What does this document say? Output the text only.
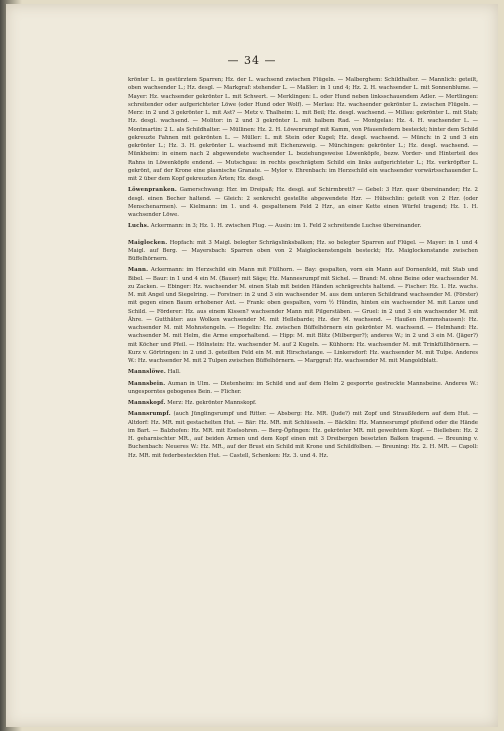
— 34 —

krönter L. in gestürztem Sparren; Hz. der L. wachsend zwischen Flügeln. — Malberghem: Schildhalter. — Mannlich: geteilt, oben wachsender L.; Hz. desgl. — Markgraf: stehender L. — Maßler: in 1 und 4; Hz. 2. H. wachsender L. mit Sonnenblume. — Mayer: Hz. wachsender gekrönter L. mit Schwert. — Merklingen: L. oder Hund neben linksschauendem Adler. — Mertlingen: schreitender oder aufgerichteter Löwe (oder Hund oder Wolf). — Merlau: Hz. wachsender gekrönter L. zwischen Flügeln. — Merz: in 2 und 3 gekrönter L. mit Ast? — Metz v. Thalheim: L. mit Beil; Hz. desgl. wachsend. — Millau: gekrönter L. mit Stab; Hz. desgl. wachsend. — Molitor: in 2 und 3 gekrönter L. mit halbem Rad. — Montgelas: Hz. 4. H. wachsender L. — Montmartin: 2 L. als Schildhalter. — Müllinen: Hz. 2. H. Löwenrumpf mit Kamm, von Pfauenfedern besteckt; hinter dem Schild gekreuzte Fahnen mit gekrönten L. — Müller: L. mit Stein oder Kugel; Hz. desgl. wachsend. — Münch: in 2 und 3 ein gekrönter L.; Hz. 3. H. gekrönter L. wachsend mit Eichenzweig. — Münchingen: gekrönter L.; Hz. desgl. wachsend. — Münkheim: in einem nach 2 abgewendete wachsender L. beziehungsweise Löwenköpfe, bezw. Vorder- und Hinterteil des Rahns in Löwenköpfe endend. — Mutschgau: in rechts geschrägtem Schild ein links aufgerichteter L.; Hz. verkröpfter L. gekrönt, auf der Krone eine plasnische Granate. — Mylor v. Ehrenbach: im Herzschild ein wachsender vorwärtsschauender L. mit 2 über dem Kopf gekreuzten Ärten; Hz. desgl.

Löwenpranken. Gamerschwang: Hzr. im Dreipaß; Hz. desgl. auf Schirmbrett? — Gebel: 3 Hzr. quer übereinander; Hz. 2 desgl. einen Becher haltend. — Gleich: 2 senkrecht gestellte abgewendete Hzr. — Hübschlin: geteilt von 2 Hzr. (oder Menschenarmen). — Kielmann: im 1. und 4. gespaltenem Feld 2 Hzr., an einer Kette einen Würfel tragend; Hz. 1. H. wachsender Löwe.

Luchs. Ackermann: in 3; Hz. 1. H. zwischen Flug. — Ausin: im 1. Feld 2 schreitende Luchse übereinander.

Maiglocken. Hopfach: mit 3 Maigl. belegter Schrägslinksbalken; Hz. so belegter Sparren auf Flügel. — Mayer: in 1 und 4 Maigl. auf Berg. — Mayersbach: Sparren oben von 2 Maiglockenstengeln besteckt; Hz. Maiglockenstande zwischen Büffelhörnern.

Mann. Ackermann: im Herzschild ein Mann mit Füllhorn. — Bay: gespalten, vorn ein Mann auf Dornenfeld, mit Stab und Bibel. — Baur: in 1 und 4 ein M. (Bauer) mit Säge; Hz. Mannesrumpf mit Sichel. — Brand: M. ohne Beine oder wachsender M. zu Zacken. — Ebinger: Hz. wachsender M. einen Stab mit beiden Händen schrägrechts haltend. — Fischer: Hz. 1. Hz. wachs. M. mit Angel und Siegelring. — Forstner: in 2 und 3 ein wachsender M. aus dem unteren Schildrand wachsender M. (Förster) mit gegen einen Baum erhobener Axt. — Frank: oben gespalten, vorn ½ Hündin, hinten ein wachsender M. mit Lanze und Schild. — Förderer: Hz. aus einem Kissen? wachsender Mann mit Pilgerstäben. — Gruel: in 2 und 3 ein wachsender M. mit Ähre. — Gutthäter: aus Wolken wachsender M. mit Hellebarde; Hz. der M. wachsend. — Haußen (Remmshausen): Hz. wachsender M. mit Mohnstengeln. — Hegelin: Hz. zwischen Büffelhörnern ein gekrönter M. wachsend. — Helmhand: Hz. wachsender M. mit Helm, die Arme emporhaltend. — Hipp: M. mit Blitz (Milberger?); anderes W.; in 2 und 3 ein M. (Jäger?) mit Köcher und Pfeil. — Hölnstein: Hz. wachsender M. auf 2 Kugeln. — Kühhorn: Hz. wachsender M. mit Trinkfüllhörnern. — Kurz v. Görtringen: in 2 und 3. geteilten Feld ein M. mit Hirschstange. — Linkersdorf: Hz. wachsender M. mit Tulpe. Anderes W.: Hz. wachsender M. mit 2 Tulpen zwischen Büffelhörnern. — Marggraf: Hz. wachsender M. mit Mangoldblatt.

Mannslöwe. Hall.

Mannsbein. Auman in Ulm. — Dietenheim: im Schild und auf dem Helm 2 gesporrte gestreckte Mannsbeine. Anderes W.: ungesporntes gebogenes Bein. — Flicher.

Mannskopf. Merz: Hz. gekrönter Mannskopf.

Mannsrumpf. (auch Jünglingsrumpf und Ritter. — Absberg: Hz. MR. (Jude?) mit Zopf und Straußfedern auf dem Hut. — Altdorf: Hz. MR. mit gestachelten Hut. — Bär: Hz. MR. mit Schlüsseln. — Bäcklin: Hz. Mannesrumpf pfeifend oder die Hände im Bart. — Balzhofen: Hz. MR. mit Eselsohren. — Berg-Öpfingen: Hz. gekrönter MR. mit geweihtem Kopf. — Bielleben: Hz. 2 H. geharnischter MR., auf beiden Armen und dem Kopf einen mit 3 Dreibergen besetzten Balken tragend. — Breuning v. Buchenbach: Neueres W.: Hz. MR., auf der Brust ein Schild mit Krone und Schildfolben. — Breuning: Hz. 2. H. MR. — Capoll: Hz. MR. mit federbesteckten Hut. — Castell, Schenken: Hz. 3. und 4. Hz.
